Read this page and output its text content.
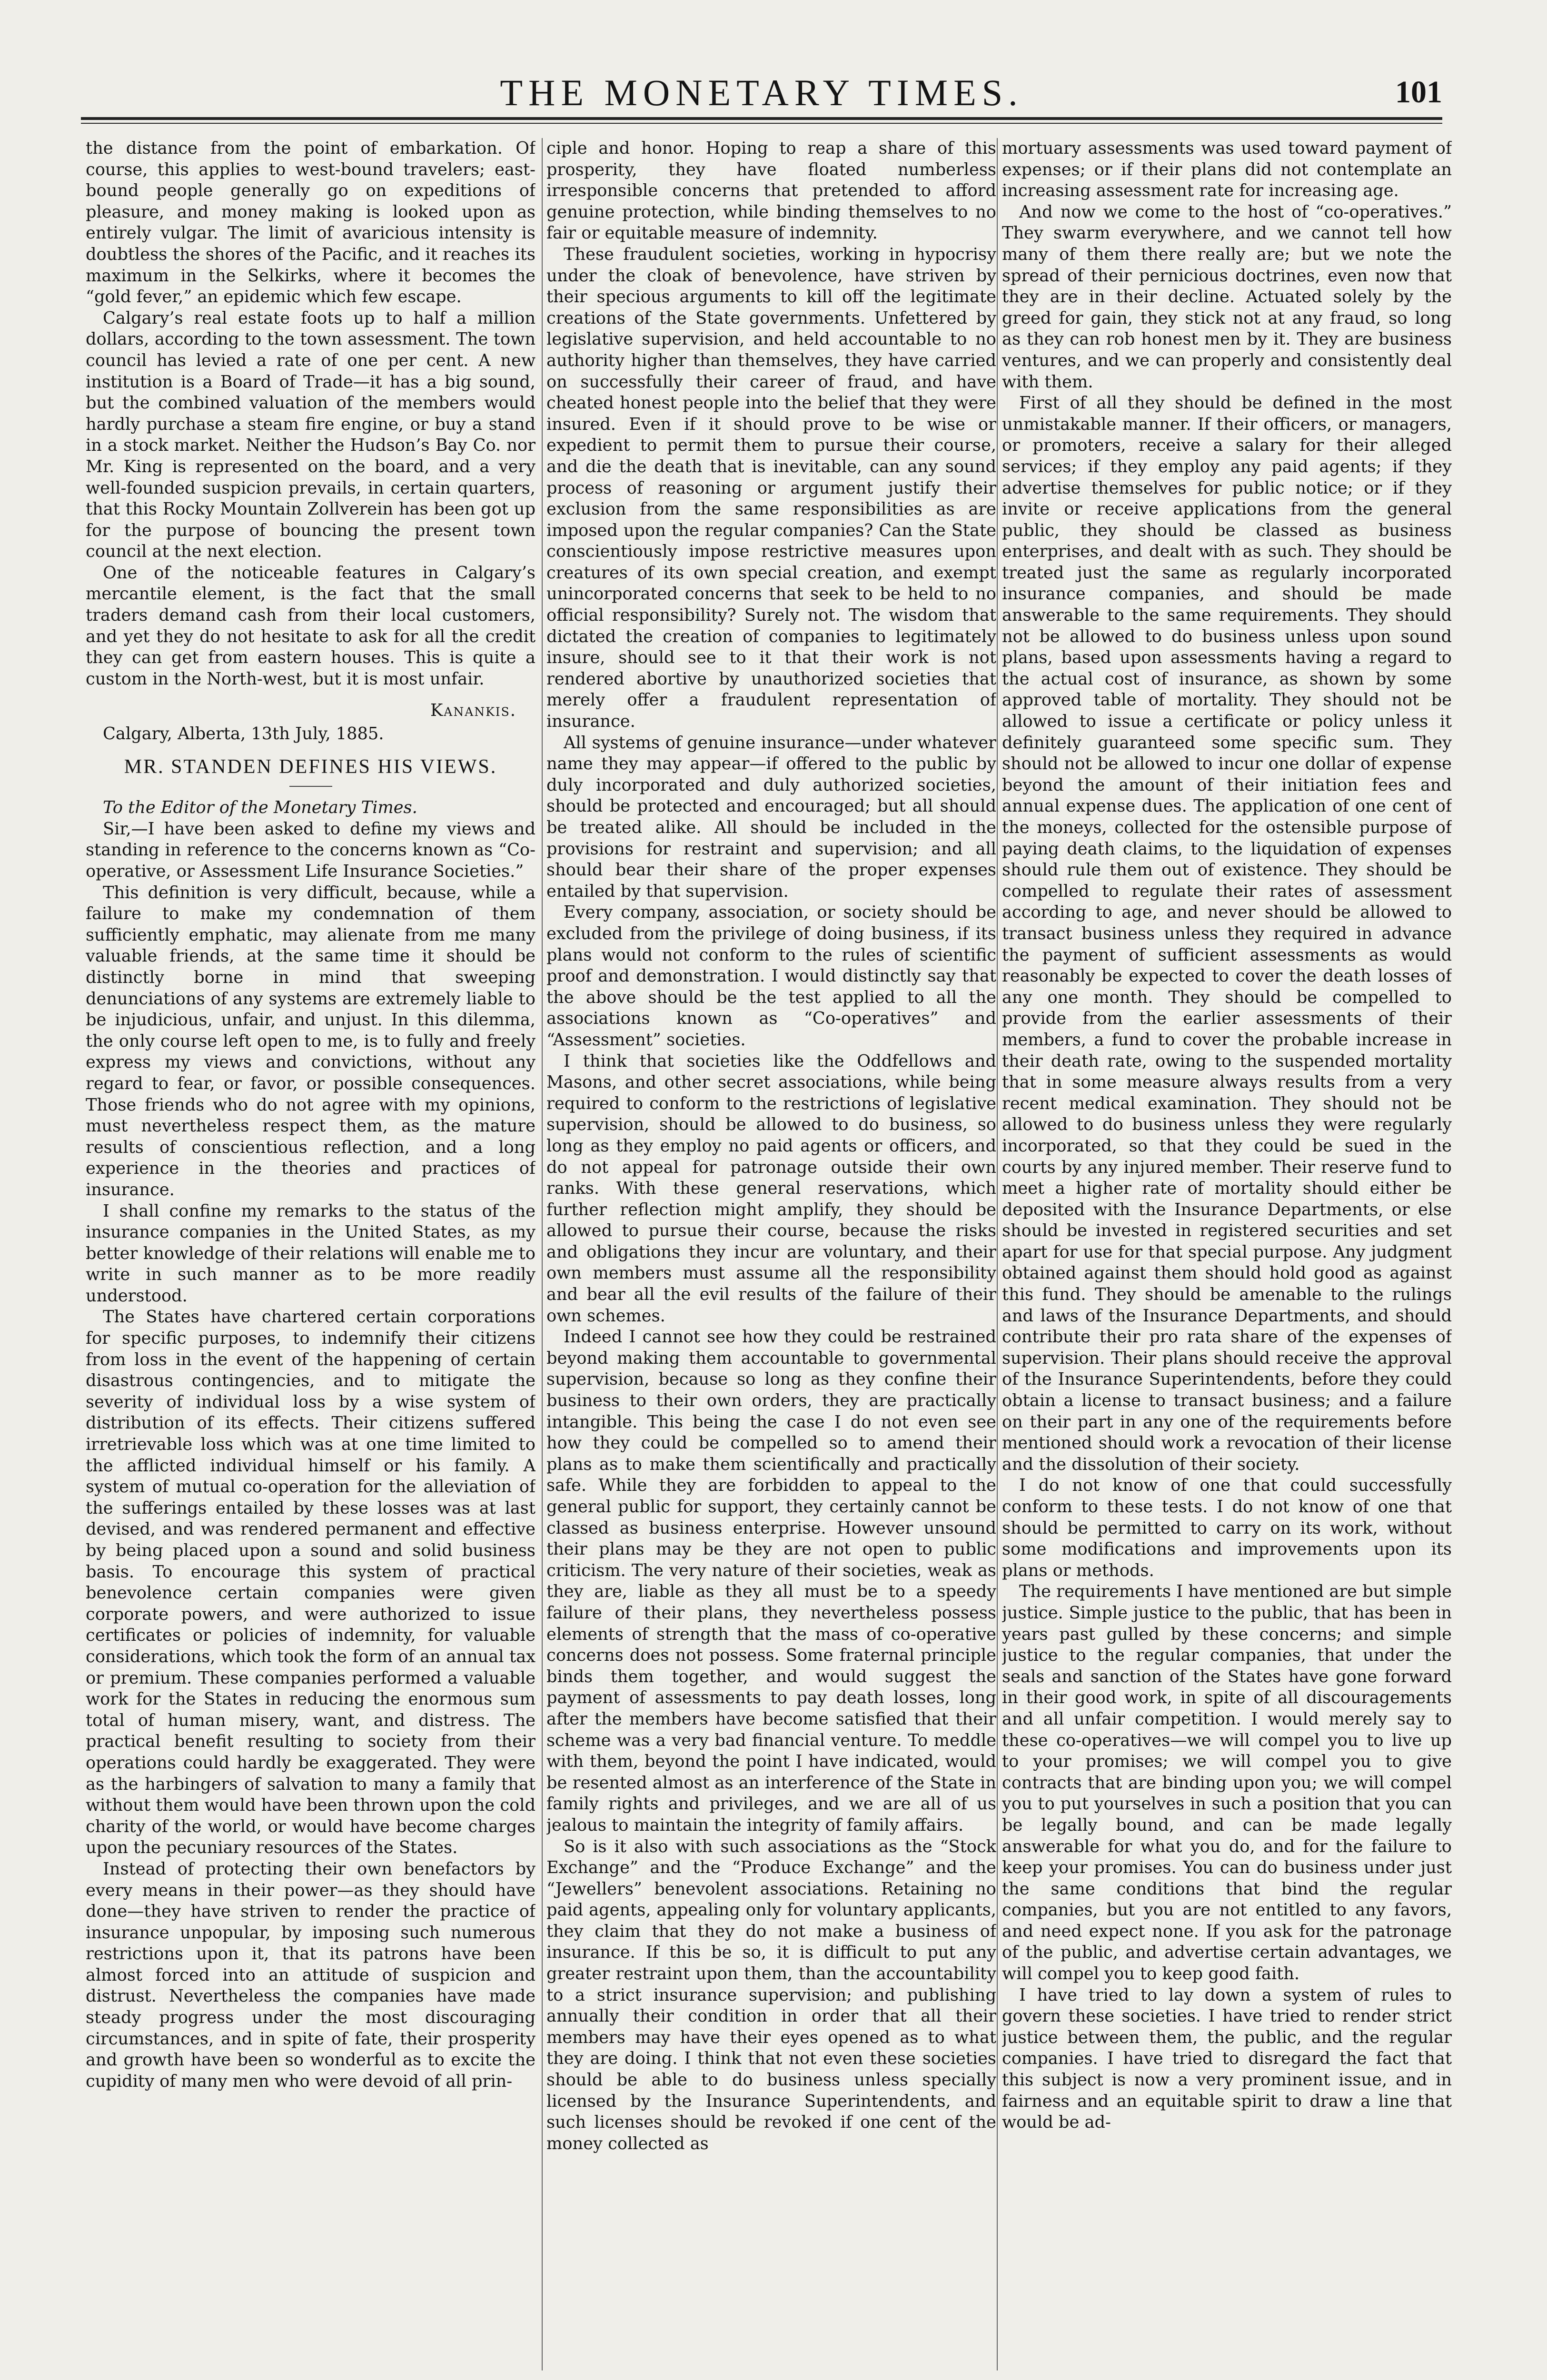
THE MONETARY TIMES.	101

the distance from the point of embarkation. Of course, this applies to west-bound travelers; east-bound people generally go on expeditions of pleasure, and money making is looked upon as entirely vulgar. The limit of avaricious intensity is doubtless the shores of the Pacific, and it reaches its maximum in the Selkirks, where it becomes the “gold fever,” an epidemic which few escape.

Calgary’s real estate foots up to half a million dollars, according to the town assessment. The town council has levied a rate of one per cent. A new institution is a Board of Trade—it has a big sound, but the combined valuation of the members would hardly purchase a steam fire engine, or buy a stand in a stock market. Neither the Hudson’s Bay Co. nor Mr. King is represented on the board, and a very well-founded suspicion prevails, in certain quarters, that this Rocky Mountain Zollverein has been got up for the purpose of bouncing the present town council at the next election.

One of the noticeable features in Calgary’s mercantile element, is the fact that the small traders demand cash from their local customers, and yet they do not hesitate to ask for all the credit they can get from eastern houses. This is quite a custom in the North-west, but it is most unfair.

Kanankis.

Calgary, Alberta, 13th July, 1885.

MR. STANDEN DEFINES HIS VIEWS.

To the Editor of the Monetary Times.

Sir,—I have been asked to define my views and standing in reference to the concerns known as “Co-operative, or Assessment Life Insurance Societies.”

This definition is very difficult, because, while a failure to make my condemnation of them sufficiently emphatic, may alienate from me many valuable friends, at the same time it should be distinctly borne in mind that sweeping denunciations of any systems are extremely liable to be injudicious, unfair, and unjust. In this dilemma, the only course left open to me, is to fully and freely express my views and convictions, without any regard to fear, or favor, or possible consequences. Those friends who do not agree with my opinions, must nevertheless respect them, as the mature results of conscientious reflection, and a long experience in the theories and practices of insurance.

I shall confine my remarks to the status of the insurance companies in the United States, as my better knowledge of their relations will enable me to write in such manner as to be more readily understood.

The States have chartered certain corporations for specific purposes, to indemnify their citizens from loss in the event of the happening of certain disastrous contingencies, and to mitigate the severity of individual loss by a wise system of distribution of its effects. Their citizens suffered irretrievable loss which was at one time limited to the afflicted individual himself or his family. A system of mutual co-operation for the alleviation of the sufferings entailed by these losses was at last devised, and was rendered permanent and effective by being placed upon a sound and solid business basis. To encourage this system of practical benevolence certain companies were given corporate powers, and were authorized to issue certificates or policies of indemnity, for valuable considerations, which took the form of an annual tax or premium. These companies performed a valuable work for the States in reducing the enormous sum total of human misery, want, and distress. The practical benefit resulting to society from their operations could hardly be exaggerated. They were as the harbingers of salvation to many a family that without them would have been thrown upon the cold charity of the world, or would have become charges upon the pecuniary resources of the States.

Instead of protecting their own benefactors by every means in their power—as they should have done—they have striven to render the practice of insurance unpopular, by imposing such numerous restrictions upon it, that its patrons have been almost forced into an attitude of suspicion and distrust. Nevertheless the companies have made steady progress under the most discouraging circumstances, and in spite of fate, their prosperity and growth have been so wonderful as to excite the cupidity of many men who were devoid of all prin-

ciple and honor. Hoping to reap a share of this prosperity, they have floated numberless irresponsible concerns that pretended to afford genuine protection, while binding themselves to no fair or equitable measure of indemnity.

These fraudulent societies, working in hypocrisy under the cloak of benevolence, have striven by their specious arguments to kill off the legitimate creations of the State governments. Unfettered by legislative supervision, and held accountable to no authority higher than themselves, they have carried on successfully their career of fraud, and have cheated honest people into the belief that they were insured. Even if it should prove to be wise or expedient to permit them to pursue their course, and die the death that is inevitable, can any sound process of reasoning or argument justify their exclusion from the same responsibilities as are imposed upon the regular companies? Can the State conscientiously impose restrictive measures upon creatures of its own special creation, and exempt unincorporated concerns that seek to be held to no official responsibility? Surely not. The wisdom that dictated the creation of companies to legitimately insure, should see to it that their work is not rendered abortive by unauthorized societies that merely offer a fraudulent representation of insurance.

All systems of genuine insurance—under whatever name they may appear—if offered to the public by duly incorporated and duly authorized societies, should be protected and encouraged; but all should be treated alike. All should be included in the provisions for restraint and supervision; and all should bear their share of the proper expenses entailed by that supervision.

Every company, association, or society should be excluded from the privilege of doing business, if its plans would not conform to the rules of scientific proof and demonstration. I would distinctly say that the above should be the test applied to all the associations known as “Co-operatives” and “Assessment” societies.

I think that societies like the Oddfellows and Masons, and other secret associations, while being required to conform to the restrictions of legislative supervision, should be allowed to do business, so long as they employ no paid agents or officers, and do not appeal for patronage outside their own ranks. With these general reservations, which further reflection might amplify, they should be allowed to pursue their course, because the risks and obligations they incur are voluntary, and their own members must assume all the responsibility and bear all the evil results of the failure of their own schemes.

Indeed I cannot see how they could be restrained beyond making them accountable to governmental supervision, because so long as they confine their business to their own orders, they are practically intangible. This being the case I do not even see how they could be compelled so to amend their plans as to make them scientifically and practically safe. While they are forbidden to appeal to the general public for support, they certainly cannot be classed as business enterprise. However unsound their plans may be they are not open to public criticism. The very nature of their societies, weak as they are, liable as they all must be to a speedy failure of their plans, they nevertheless possess elements of strength that the mass of co-operative concerns does not possess. Some fraternal principle binds them together, and would suggest the payment of assessments to pay death losses, long after the members have become satisfied that their scheme was a very bad financial venture. To meddle with them, beyond the point I have indicated, would be resented almost as an interference of the State in family rights and privileges, and we are all of us jealous to maintain the integrity of family affairs.

So is it also with such associations as the “Stock Exchange” and the “Produce Exchange” and the “Jewellers” benevolent associations. Retaining no paid agents, appealing only for voluntary applicants, they claim that they do not make a business of insurance. If this be so, it is difficult to put any greater restraint upon them, than the accountability to a strict insurance supervision; and publishing annually their condition in order that all their members may have their eyes opened as to what they are doing. I think that not even these societies should be able to do business unless specially licensed by the Insurance Superintendents, and such licenses should be revoked if one cent of the money collected as

mortuary assessments was used toward payment of expenses; or if their plans did not contemplate an increasing assessment rate for increasing age.

And now we come to the host of “co-operatives.” They swarm everywhere, and we cannot tell how many of them there really are; but we note the spread of their pernicious doctrines, even now that they are in their decline. Actuated solely by the greed for gain, they stick not at any fraud, so long as they can rob honest men by it. They are business ventures, and we can properly and consistently deal with them.

First of all they should be defined in the most unmistakable manner. If their officers, or managers, or promoters, receive a salary for their alleged services; if they employ any paid agents; if they advertise themselves for public notice; or if they invite or receive applications from the general public, they should be classed as business enterprises, and dealt with as such. They should be treated just the same as regularly incorporated insurance companies, and should be made answerable to the same requirements. They should not be allowed to do business unless upon sound plans, based upon assessments having a regard to the actual cost of insurance, as shown by some approved table of mortality. They should not be allowed to issue a certificate or policy unless it definitely guaranteed some specific sum. They should not be allowed to incur one dollar of expense beyond the amount of their initiation fees and annual expense dues. The application of one cent of the moneys, collected for the ostensible purpose of paying death claims, to the liquidation of expenses should rule them out of existence. They should be compelled to regulate their rates of assessment according to age, and never should be allowed to transact business unless they required in advance the payment of sufficient assessments as would reasonably be expected to cover the death losses of any one month. They should be compelled to provide from the earlier assessments of their members, a fund to cover the probable increase in their death rate, owing to the suspended mortality that in some measure always results from a very recent medical examination. They should not be allowed to do business unless they were regularly incorporated, so that they could be sued in the courts by any injured member. Their reserve fund to meet a higher rate of mortality should either be deposited with the Insurance Departments, or else should be invested in registered securities and set apart for use for that special purpose. Any judgment obtained against them should hold good as against this fund. They should be amenable to the rulings and laws of the Insurance Departments, and should contribute their pro rata share of the expenses of supervision. Their plans should receive the approval of the Insurance Superintendents, before they could obtain a license to transact business; and a failure on their part in any one of the requirements before mentioned should work a revocation of their license and the dissolution of their society.

I do not know of one that could successfully conform to these tests. I do not know of one that should be permitted to carry on its work, without some modifications and improvements upon its plans or methods.

The requirements I have mentioned are but simple justice. Simple justice to the public, that has been in years past gulled by these concerns; and simple justice to the regular companies, that under the seals and sanction of the States have gone forward in their good work, in spite of all discouragements and all unfair competition. I would merely say to these co-operatives—we will compel you to live up to your promises; we will compel you to give contracts that are binding upon you; we will compel you to put yourselves in such a position that you can be legally bound, and can be made legally answerable for what you do, and for the failure to keep your promises. You can do business under just the same conditions that bind the regular companies, but you are not entitled to any favors, and need expect none. If you ask for the patronage of the public, and advertise certain advantages, we will compel you to keep good faith.

I have tried to lay down a system of rules to govern these societies. I have tried to render strict justice between them, the public, and the regular companies. I have tried to disregard the fact that this subject is now a very prominent issue, and in fairness and an equitable spirit to draw a line that would be ad-
